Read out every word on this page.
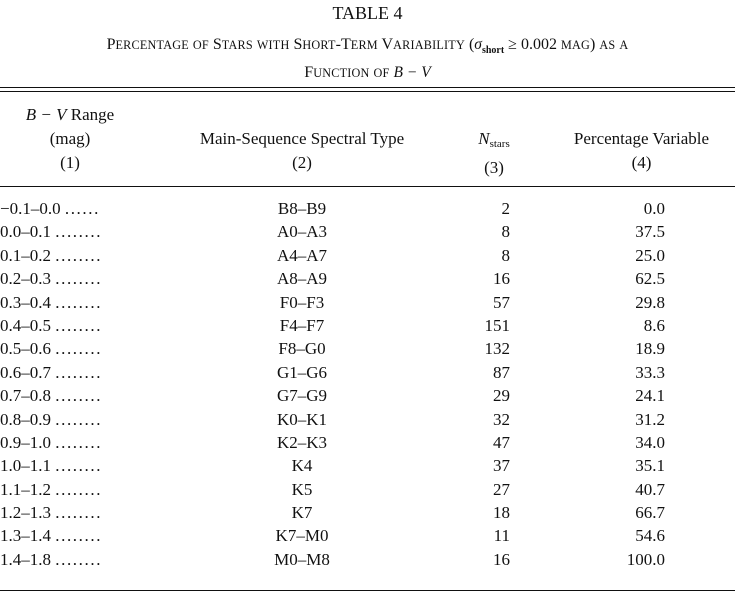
TABLE 4
PERCENTAGE OF STARS WITH SHORT-TERM VARIABILITY ($\sigma_{short} \ge 0.002$ MAG) AS A
FUNCTION OF B − V
B − V Range
(mag)
(1)
Main-Sequence Spectral Type
(2)
$N_{stars}$
(3)
Percentage Variable
(4)
−0.1–0.0 ......	B8–B9	2	0.0
0.0–0.1 ........	A0–A3	8	37.5
0.1–0.2 ........	A4–A7	8	25.0
0.2–0.3 ........	A8–A9	16	62.5
0.3–0.4 ........	F0–F3	57	29.8
0.4–0.5 ........	F4–F7	151	8.6
0.5–0.6 ........	F8–G0	132	18.9
0.6–0.7 ........	G1–G6	87	33.3
0.7–0.8 ........	G7–G9	29	24.1
0.8–0.9 ........	K0–K1	32	31.2
0.9–1.0 ........	K2–K3	47	34.0
1.0–1.1 ........	K4	37	35.1
1.1–1.2 ........	K5	27	40.7
1.2–1.3 ........	K7	18	66.7
1.3–1.4 ........	K7–M0	11	54.6
1.4–1.8 ........	M0–M8	16	100.0
